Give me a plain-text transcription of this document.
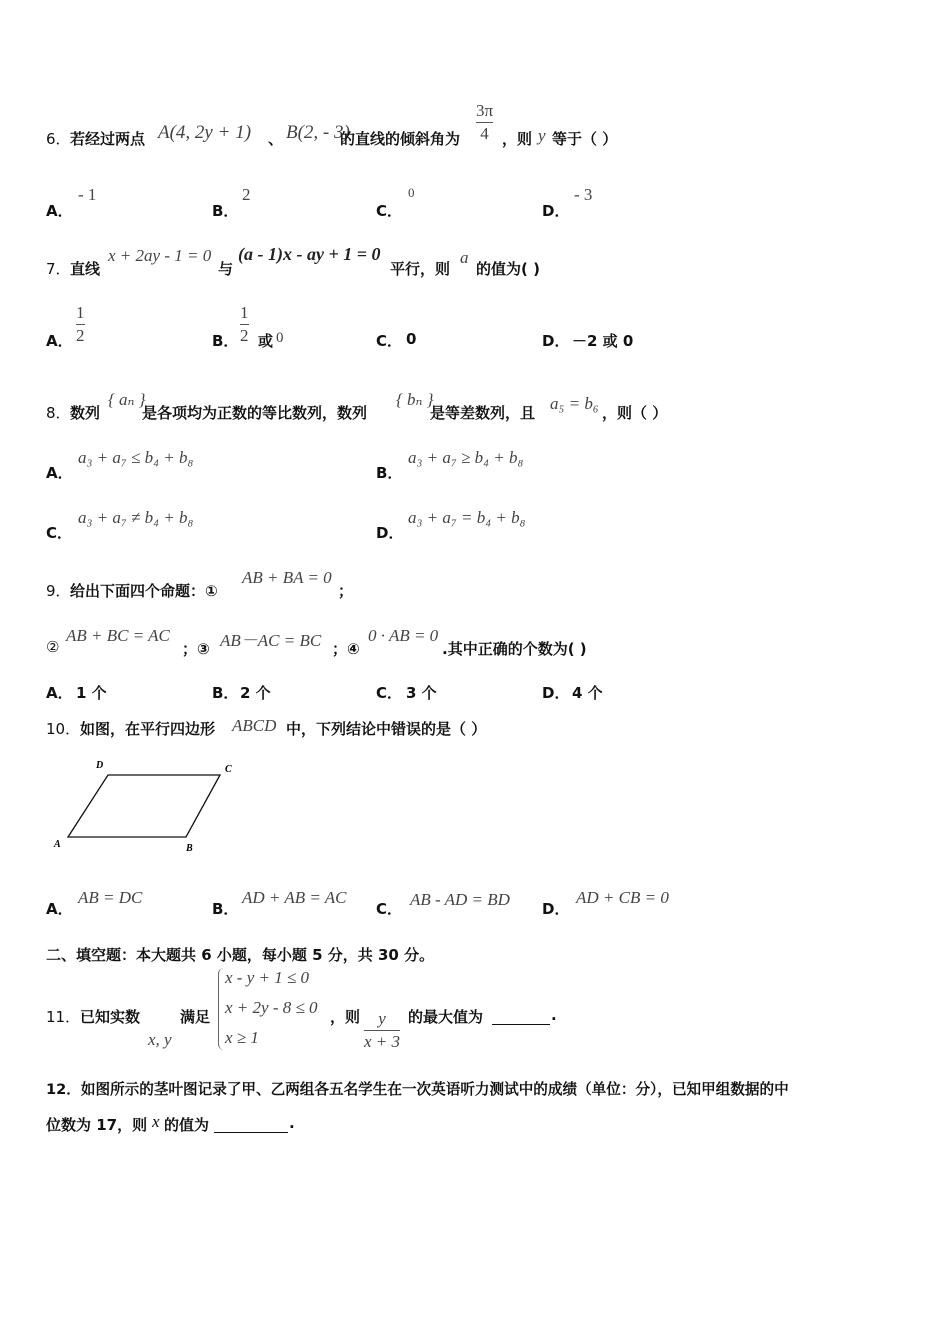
6． 若经过两点 A(4, 2y + 1) 、 B(2, - 3)
的直线的倾斜角为
3π
4 ，则 y 等于（ ）
A．
- 1
B．
2
C．
0
D．
- 3
7． 直线
x + 2ay - 1 = 0
与
(a - 1)x - ay + 1 = 0
平行，则
a
的值为( )
A．
1
2	B．
1
2 或 0	C． 0	D． －2 或 0
8． 数列
{ aₙ }
是各项均为正数的等比数列，数列
{ bₙ }
是等差数列，且 a₅ = b₆ ，则（ ）
A．
a₃ + a₇ ≤ b₄ + b₈
B．
a₃ + a₇ ≥ b₄ + b₈
C．
a₃ + a₇ ≠ b₄ + b₈
D．
a₃ + a₇ = b₄ + b₈
9． 给出下面四个命题：①
AB + BA = 0
；
②
AB + BC = AC
；③ AB－AC = BC ；④
0 · AB = 0
.其中正确的个数为( )
A． 1 个	B． 2 个	C． 3 个	D． 4 个
10． 如图，在平行四边形 ABCD 中，下列结论中错误的是（ ）
D	C
A	B
A．
AB = DC
B．
AD + AB = AC
C． AB - AD = BD D．
AD + CB = 0
二、填空题：本大题共 6 小题，每小题 5 分，共 30 分。
11． 已知实数
x, y
满足
x - y + 1 ≤ 0
x + 2y - 8 ≤ 0
x ≥ 1
，则 y
x + 3
的最大值为	.
12．如图所示的茎叶图记录了甲、乙两组各五名学生在一次英语听力测试中的成绩（单位：分），已知甲组数据的中
位数为 17，则 x 的值为	.
